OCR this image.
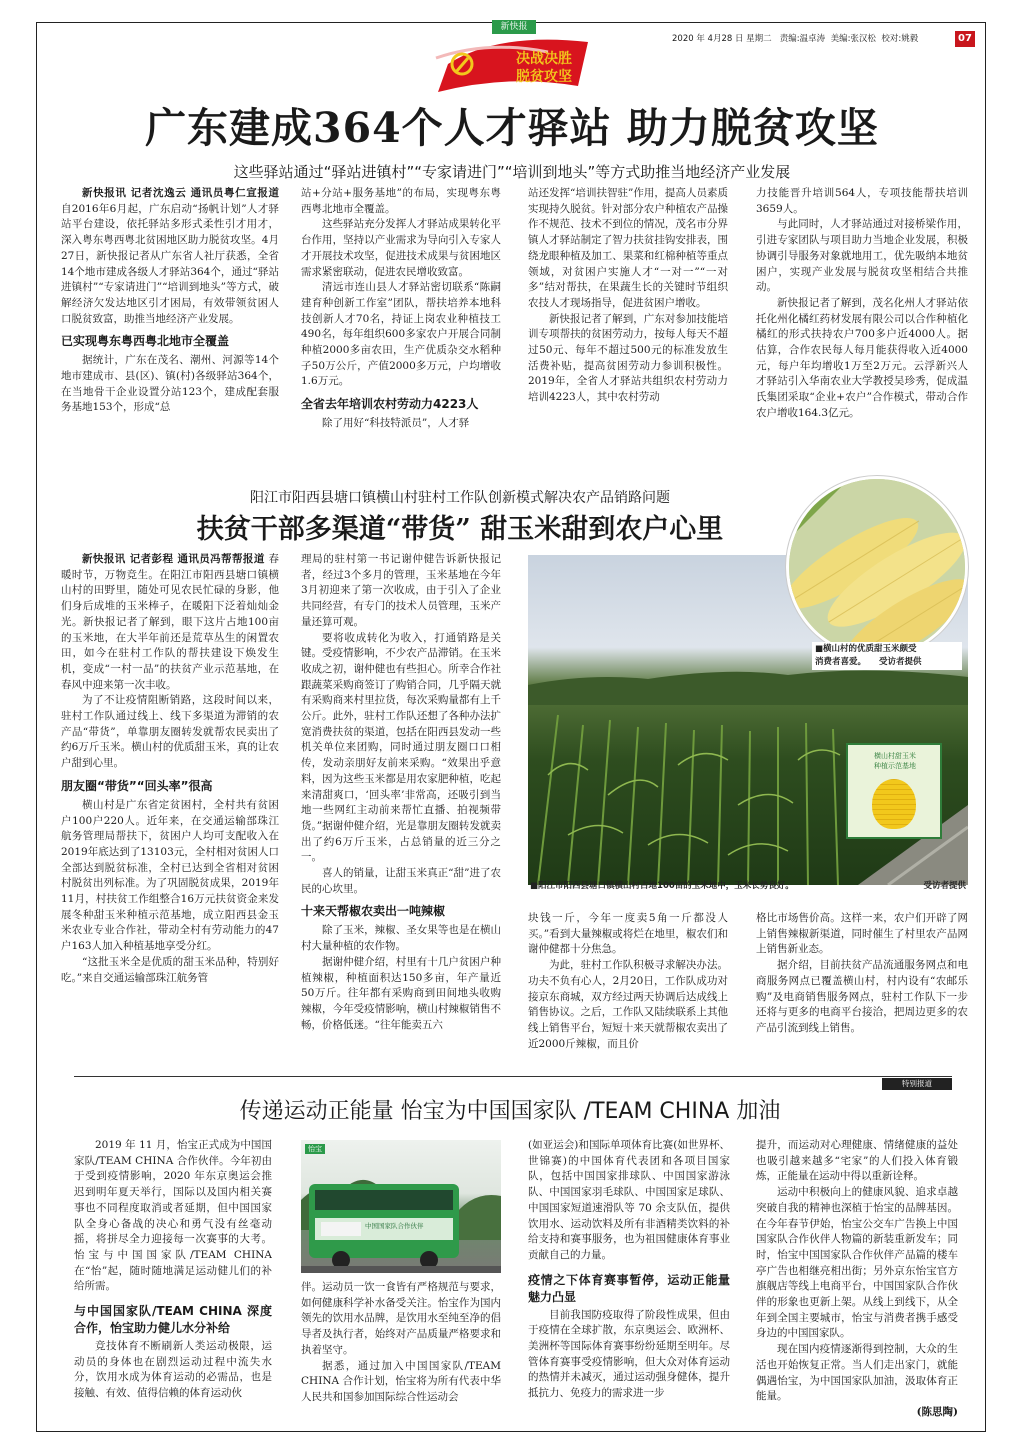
新快报
决战决胜
脱贫攻坚
2020 年 4月28 日 星期二 责编:温卓涛 美编:张汉松 校对:姚毅	07
广东建成364个人才驿站 助力脱贫攻坚
这些驿站通过“驿站进镇村”“专家请进门”“培训到地头”等方式助推当地经济产业发展

新快报讯 记者沈逸云 通讯员粤仁宣报道 自2016年6月起，广东启动“扬帆计划”人才驿站平台建设，依托驿站多形式柔性引才用才，深入粤东粤西粤北贫困地区助力脱贫攻坚。4月27日，新快报记者从广东省人社厅获悉，全省14个地市建成各级人才驿站364个，通过“驿站进镇村”“专家请进门”“培训到地头”等方式，破解经济欠发达地区引才困局，有效带领贫困人口脱贫致富，助推当地经济产业发展。

已实现粤东粤西粤北地市全覆盖

据统计，广东在茂名、潮州、河源等14个地市建成市、县(区)、镇(村)各级驿站364个，在当地骨干企业设置分站123个，建成配套服务基地153个，形成“总

站+分站+服务基地”的布局，实现粤东粤西粤北地市全覆盖。

这些驿站充分发挥人才驿站成果转化平台作用，坚持以产业需求为导向引入专家人才开展技术攻坚，促进技术成果与贫困地区需求紧密联动，促进农民增收致富。

清远市连山县人才驿站密切联系“陈嗣建育种创新工作室”团队，帮扶培养本地科技创新人才70名，持证上岗农业种植技工490名，每年组织600多家农户开展合同制种植2000多亩农田，生产优质杂交水稻种子50万公斤，产值2000多万元，户均增收1.6万元。

全省去年培训农村劳动力4223人

除了用好“科技特派员”，人才驿

站还发挥“培训扶智驻”作用，提高人员素质实现持久脱贫。针对部分农户种植农产品操作不规范、技术不到位的情况，茂名市分界镇人才驿站制定了智力扶贫挂钩安排表，围绕龙眼种植及加工、果菜和红棉种植等重点领域，对贫困户实施人才“一对一”“一对多”结对帮扶，在果蔬生长的关键时节组织农技人才现场指导，促进贫困户增收。

新快报记者了解到，广东对参加技能培训专项帮扶的贫困劳动力，按每人每天不超过50元、每年不超过500元的标准发放生活费补贴，提高贫困劳动力参训积极性。2019年，全省人才驿站共组织农村劳动力培训4223人，其中农村劳动

力技能晋升培训564人，专项技能帮扶培训3659人。

与此同时，人才驿站通过对接桥梁作用，引进专家团队与项目助力当地企业发展，积极协调引导服务对象就地用工，优先吸纳本地贫困户，实现产业发展与脱贫攻坚相结合共推动。

新快报记者了解到，茂名化州人才驿站依托化州化橘红药材发展有限公司以合作种植化橘红的形式扶持农户700多户近4000人。据估算，合作农民每人每月能获得收入近4000元，每户年均增收1万至2万元。云浮新兴人才驿站引入华南农业大学教授吴珍秀，促成温氏集团采取“企业+农户”合作模式，带动合作农户增收164.3亿元。

阳江市阳西县塘口镇横山村驻村工作队创新模式解决农产品销路问题
扶贫干部多渠道“带货” 甜玉米甜到农户心里

新快报讯 记者彭程 通讯员冯帮帮报道 春暖时节，万物竞生。在阳江市阳西县塘口镇横山村的田野里，随处可见农民忙碌的身影，他们身后成堆的玉米棒子，在暖阳下泛着灿灿金光。新快报记者了解到，眼下这片占地100亩的玉米地，在大半年前还是荒草丛生的闲置农田，如今在驻村工作队的帮扶建设下焕发生机，变成“一村一品”的扶贫产业示范基地，在春风中迎来第一次丰收。

为了不让疫情阻断销路，这段时间以来，驻村工作队通过线上、线下多渠道为滞销的农产品“带货”，单靠朋友圈转发就帮农民卖出了约6万斤玉米。横山村的优质甜玉米，真的让农户甜到心里。

朋友圈“带货”“回头率”很高

横山村是广东省定贫困村，全村共有贫困户100户220人。近年来，在交通运输部珠江航务管理局帮扶下，贫困户人均可支配收入在2019年底达到了13103元，全村相对贫困人口全部达到脱贫标准，全村已达到全省相对贫困村脱贫出列标准。为了巩固脱贫成果，2019年11月，村扶贫工作组整合16万元扶贫资金来发展冬种甜玉米种植示范基地，成立阳西县金玉米农业专业合作社，带动全村有劳动能力的47户163人加入种植基地享受分红。

“这批玉米全是优质的甜玉米品种，特别好吃。”来自交通运输部珠江航务管

理局的驻村第一书记谢仲健告诉新快报记者，经过3个多月的管理，玉米基地在今年3月初迎来了第一次收成，由于引入了企业共同经营，有专门的技术人员管理，玉米产量还算可观。

要将收成转化为收入，打通销路是关键。受疫情影响，不少农产品滞销。在玉米收成之初，谢仲健也有些担心。所幸合作社跟蔬菜采购商签订了购销合同，几乎隔天就有采购商来村里拉货，每次采购量都有上千公斤。此外，驻村工作队还想了各种办法扩宽消费扶贫的渠道，包括在阳西县发动一些机关单位来团购，同时通过朋友圈口口相传，发动亲朋好友前来采购。“效果出乎意料，因为这些玉米都是用农家肥种植，吃起来清甜爽口，‘回头率’非常高，还吸引到当地一些网红主动前来帮忙直播、拍视频带货。”据谢仲健介绍，光是靠朋友圈转发就卖出了约6万斤玉米，占总销量的近三分之一。

喜人的销量，让甜玉米真正“甜”进了农民的心坎里。

十来天帮椒农卖出一吨辣椒

除了玉米，辣椒、圣女果等也是在横山村大量种植的农作物。

据谢仲健介绍，村里有十几户贫困户种植辣椒，种植面积达150多亩，年产量近50万斤。往年都有采购商到田间地头收购辣椒，今年受疫情影响，横山村辣椒销售不畅，价格低迷。“往年能卖五六

横山村甜玉米
种植示范基地
■横山村的优质甜玉米颇受
消费者喜爱。 受访者提供
■阳江市阳西县塘口镇横山村占地100亩的玉米地中，玉米长势良好。	受访者提供

块钱一斤，今年一度卖5角一斤都没人买。”看到大量辣椒或将烂在地里，椒农们和谢仲健都十分焦急。

为此，驻村工作队积极寻求解决办法。功夫不负有心人，2月20日，工作队成功对接京东商城，双方经过两天协调后达成线上销售协议。之后，工作队又陆续联系上其他线上销售平台，短短十来天就帮椒农卖出了近2000斤辣椒，而且价

格比市场售价高。这样一来，农户们开辟了网上销售辣椒新渠道，同时催生了村里农产品网上销售新业态。

据介绍，目前扶贫产品流通服务网点和电商服务网点已覆盖横山村，村内设有“农邮乐购”及电商销售服务网点，驻村工作队下一步还将与更多的电商平台接洽，把周边更多的农产品引流到线上销售。

特别报道
传递运动正能量 怡宝为中国国家队 /TEAM CHINA 加油

2019 年 11 月，怡宝正式成为中国国家队/TEAM CHINA 合作伙伴。今年初由于受到疫情影响，2020 年东京奥运会推迟到明年夏天举行，国际以及国内相关赛事也不同程度取消或者延期，但中国国家队全身心备战的决心和勇气没有丝毫动摇，将拼尽全力迎接每一次赛事的大考。怡宝与中国国家队/TEAM CHINA在“怡”起，随时随地满足运动健儿们的补给所需。

与中国国家队/TEAM CHINA 深度合作，怡宝助力健儿水分补给

竞技体育不断刷新人类运动极限，运动员的身体也在剧烈运动过程中流失水分，饮用水成为体育运动的必需品，也是接触、有效、值得信赖的体育运动伙

怡宝
中国国家队合作伙伴

伴。运动员一饮一食皆有严格规范与要求，如何健康科学补水备受关注。怡宝作为国内领先的饮用水品牌，是饮用水至纯至净的倡导者及执行者，始终对产品质量严格要求和执着坚守。

据悉，通过加入中国国家队/TEAM CHINA 合作计划，怡宝将为所有代表中华人民共和国参加国际综合性运动会

(如亚运会)和国际单项体育比赛(如世界杯、世锦赛)的中国体育代表团和各项目国家队，包括中国国家排球队、中国国家游泳队、中国国家羽毛球队、中国国家足球队、中国国家短道速滑队等 70 余支队伍，提供饮用水、运动饮料及所有非酒精类饮料的补给支持和赛事服务，也为祖国健康体育事业贡献自己的力量。

疫情之下体育赛事暂停，运动正能量魅力凸显

目前我国防疫取得了阶段性成果，但由于疫情在全球扩散，东京奥运会、欧洲杯、美洲杯等国际体育赛事纷纷延期至明年。尽管体育赛事受疫情影响，但大众对体育运动的热情并未减灭，通过运动强身健体，提升抵抗力、免疫力的需求进一步

提升，而运动对心理健康、情绪健康的益处也吸引越来越多“宅家”的人们投入体育锻炼，正能量在运动中得以重新诠释。

运动中积极向上的健康风貌、追求卓越突破自我的精神也深植于怡宝的品牌基因。在今年春节伊始，怡宝公交车广告换上中国国家队合作伙伴人物篇的新装重新发车；同时，怡宝中国国家队合作伙伴产品篇的楼车亭广告也相继亮相出街；另外京东怡宝官方旗舰店等线上电商平台，中国国家队合作伙伴的形象也更新上架。从线上到线下，从全年到全国主要城市，怡宝与消费者携手感受身边的中国国家队。

现在国内疫情逐渐得到控制，大众的生活也开始恢复正常。当人们走出家门，就能偶遇怡宝，为中国国家队加油，汲取体育正能量。

(陈思陶)
